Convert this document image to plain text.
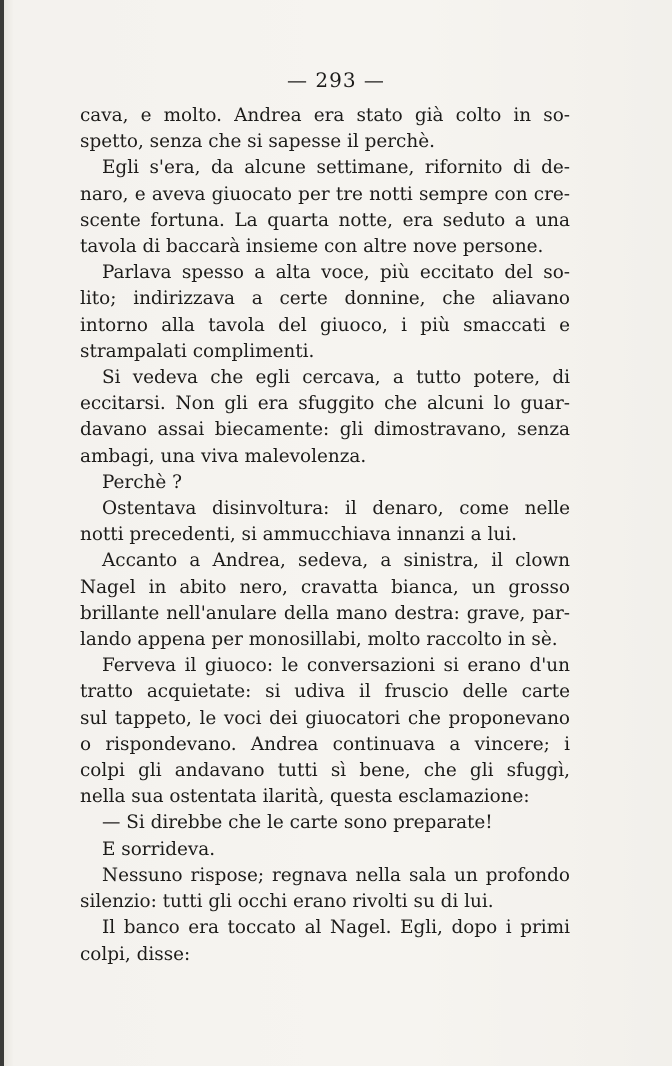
— 293 —
cava, e molto. Andrea era stato già colto in so-
spetto, senza che si sapesse il perchè.
Egli s'era, da alcune settimane, rifornito di de-
naro, e aveva giuocato per tre notti sempre con cre-
scente fortuna. La quarta notte, era seduto a una
tavola di baccarà insieme con altre nove persone.
Parlava spesso a alta voce, più eccitato del so-
lito; indirizzava a certe donnine, che aliavano
intorno alla tavola del giuoco, i più smaccati e
strampalati complimenti.
Si vedeva che egli cercava, a tutto potere, di
eccitarsi. Non gli era sfuggito che alcuni lo guar-
davano assai biecamente: gli dimostravano, senza
ambagi, una viva malevolenza.
Perchè ?
Ostentava disinvoltura: il denaro, come nelle
notti precedenti, si ammucchiava innanzi a lui.
Accanto a Andrea, sedeva, a sinistra, il clown
Nagel in abito nero, cravatta bianca, un grosso
brillante nell'anulare della mano destra: grave, par-
lando appena per monosillabi, molto raccolto in sè.
Ferveva il giuoco: le conversazioni si erano d'un
tratto acquietate: si udiva il fruscio delle carte
sul tappeto, le voci dei giuocatori che proponevano
o rispondevano. Andrea continuava a vincere; i
colpi gli andavano tutti sì bene, che gli sfuggì,
nella sua ostentata ilarità, questa esclamazione:
— Si direbbe che le carte sono preparate!
E sorrideva.
Nessuno rispose; regnava nella sala un profondo
silenzio: tutti gli occhi erano rivolti su di lui.
Il banco era toccato al Nagel. Egli, dopo i primi
colpi, disse:
